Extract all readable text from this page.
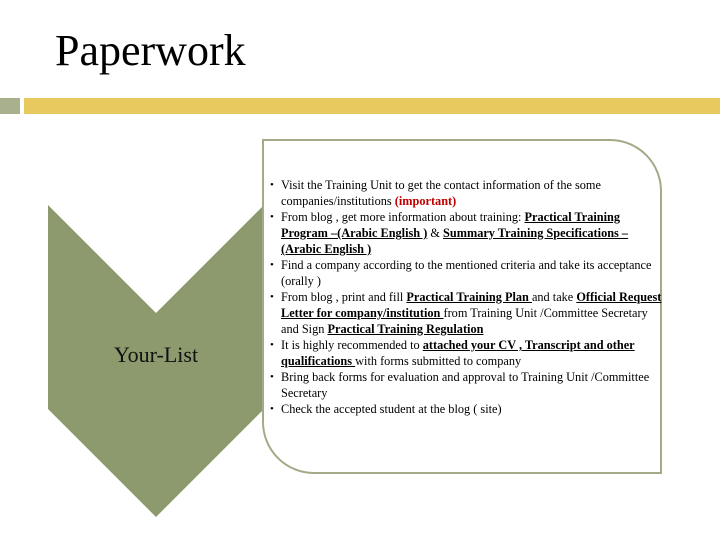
Paperwork
Your-List
• Visit the Training Unit to get the contact information of the some companies/institutions (important)
• From blog , get more information about training: Practical Training Program –(Arabic English ) & Summary Training Specifications –(Arabic English )
• Find a company according to the mentioned criteria and take its acceptance (orally )
• From blog , print and fill Practical Training Plan and take Official Request Letter for company/institution from Training Unit /Committee Secretary and Sign Practical Training Regulation
• It is highly recommended to attached your CV , Transcript and other qualifications with forms submitted to company
• Bring back forms for evaluation and approval to Training Unit /Committee Secretary
• Check the accepted student at the blog ( site)
